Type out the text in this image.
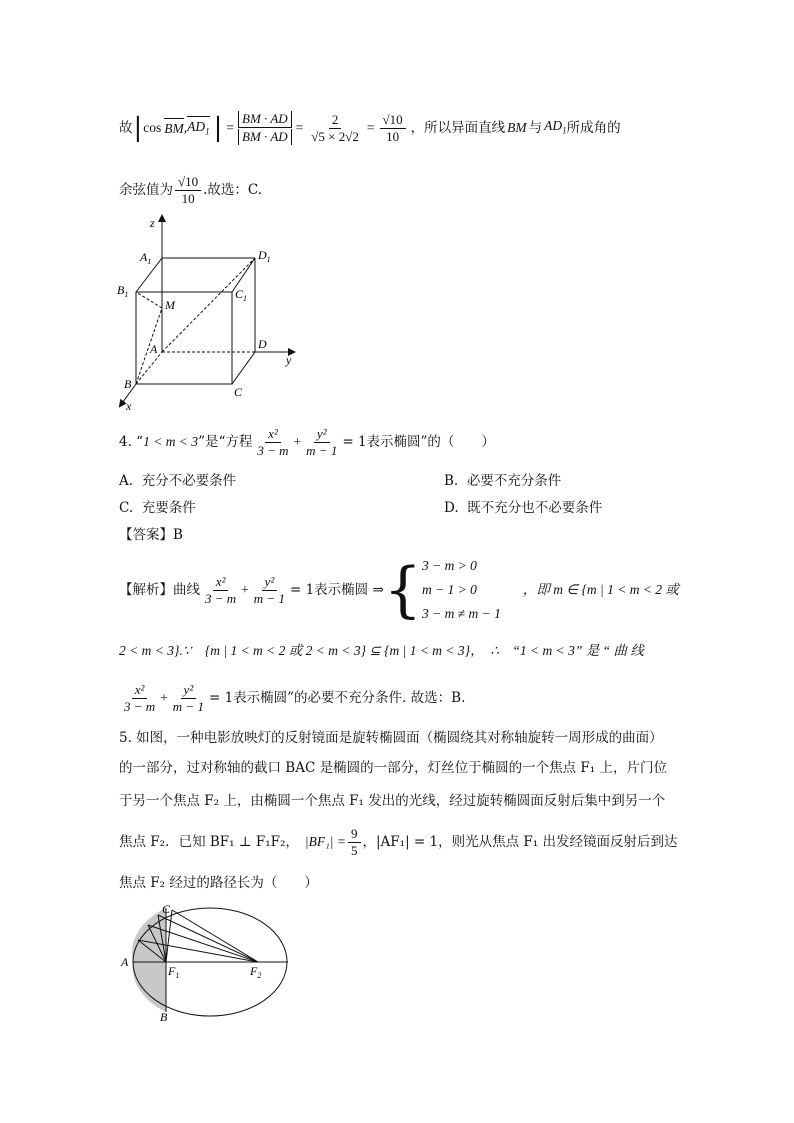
故 | cos BM , $AD_1$ | = $\frac{BM \cdot AD}{BM \cdot AD} = \frac{2}{√5 \times 2√2} = \frac{√10}{10}$ ，所以异面直线 BM 与 $AD_1$ 所成角的
余弦值为 $\frac{√10}{10}$ .故选：C.
z
$A_1$	$D_1$
$B_1$	$C_1$
M
A	D
y
B
C
x
4. “ 1 < m < 3 ”是“方程 $\frac{\text{x²}}{3 - m} + \frac{\text{y²}}{m - 1} = 1$表示椭圆”的（　　）
A. 充分不必要条件	B. 必要不充分条件
C. 充要条件	D. 既不充分也不必要条件
【答案】B
【解析】曲线 $\frac{\text{x²}}{3 - m} + \frac{\text{y²}}{m - 1} = 1$表示椭圆 ⇒ { 3 − m > 0
m − 1 > 0
3 − m ≠ m − 1
，即 m ∈ {m | 1 < m < 2 或
2 < m < 3}.∵　{m | 1 < m < 2 或 2 < m < 3} ⊆ {m | 1 < m < 3}，　∴　“1 < m < 3” 是 “ 曲 线
$\frac{\text{x²}}{3 - m} + \frac{\text{y²}}{m - 1} = 1$表示椭圆”的必要不充分条件. 故选：B.
5. 如图，一种电影放映灯的反射镜面是旋转椭圆面（椭圆绕其对称轴旋转一周形成的曲面）
的一部分，过对称轴的截口 BAC 是椭圆的一部分，灯丝位于椭圆的一个焦点 F₁ 上，片门位
于另一个焦点 F₂ 上，由椭圆一个焦点 F₁ 发出的光线，经过旋转椭圆面反射后集中到另一个
焦点 F₂．已知 BF₁ ⊥ F₁F₂， $|BF_1| = \frac{9}{5}$ ，|AF₁| = 1，则光从焦点 F₁ 出发经镜面反射后到达
焦点 F₂ 经过的路径长为（　　）
C
A
$F_1$	$F_2$
B
